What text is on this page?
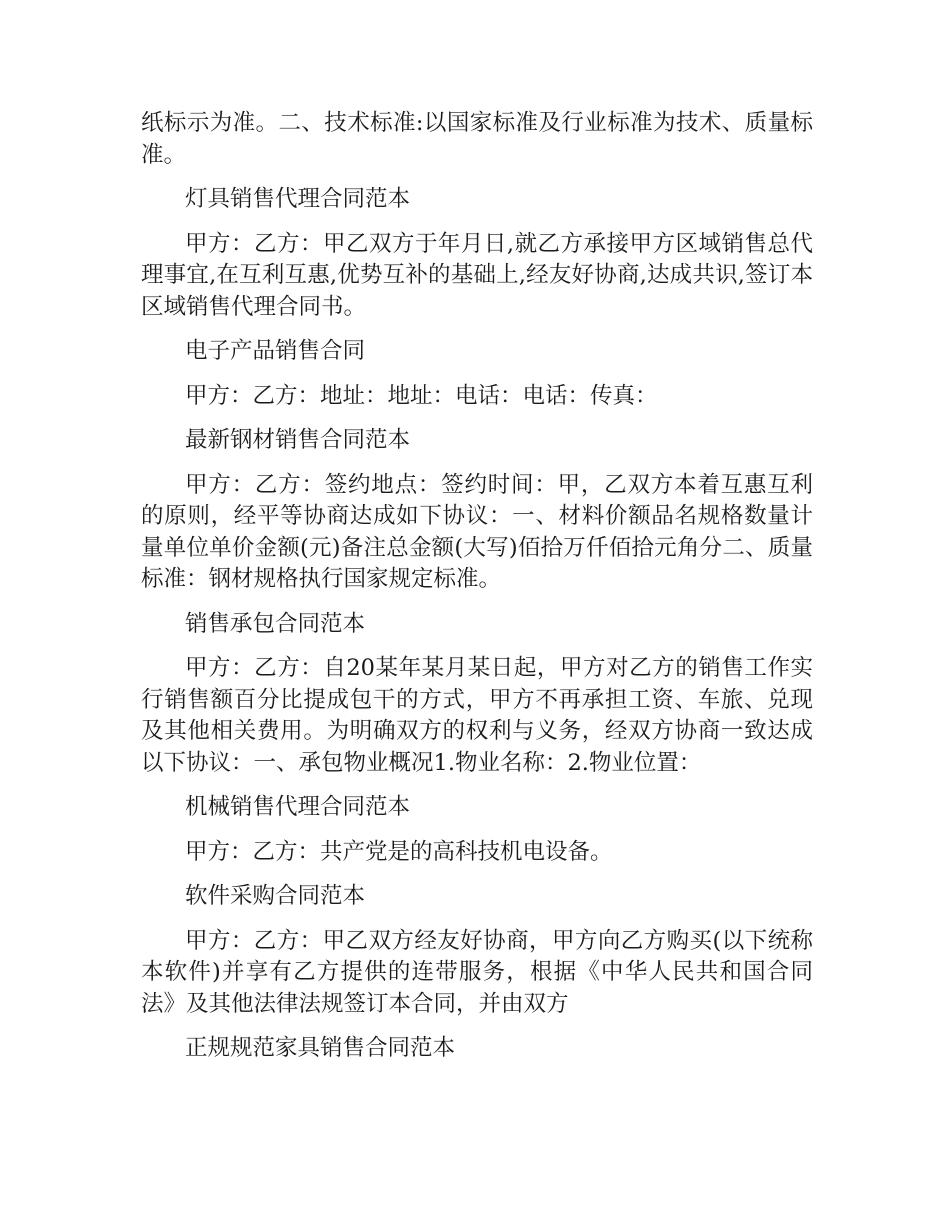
纸标示为准。二、技术标准:以国家标准及行业标准为技术、质量标准。

灯具销售代理合同范本

甲方：乙方：甲乙双方于年月日,就乙方承接甲方区域销售总代理事宜,在互利互惠,优势互补的基础上,经友好协商,达成共识,签订本区域销售代理合同书。

电子产品销售合同

甲方：乙方：地址：地址：电话：电话：传真：

最新钢材销售合同范本

甲方：乙方：签约地点：签约时间：甲，乙双方本着互惠互利的原则，经平等协商达成如下协议：一、材料价额品名规格数量计量单位单价金额(元)备注总金额(大写)佰拾万仟佰拾元角分二、质量标准：钢材规格执行国家规定标准。

销售承包合同范本

甲方：乙方：自20某年某月某日起，甲方对乙方的销售工作实行销售额百分比提成包干的方式，甲方不再承担工资、车旅、兑现及其他相关费用。为明确双方的权利与义务，经双方协商一致达成以下协议：一、承包物业概况1.物业名称：2.物业位置：

机械销售代理合同范本

甲方：乙方：共产党是的高科技机电设备。

软件采购合同范本

甲方：乙方：甲乙双方经友好协商，甲方向乙方购买(以下统称本软件)并享有乙方提供的连带服务，根据《中华人民共和国合同法》及其他法律法规签订本合同，并由双方

正规规范家具销售合同范本
